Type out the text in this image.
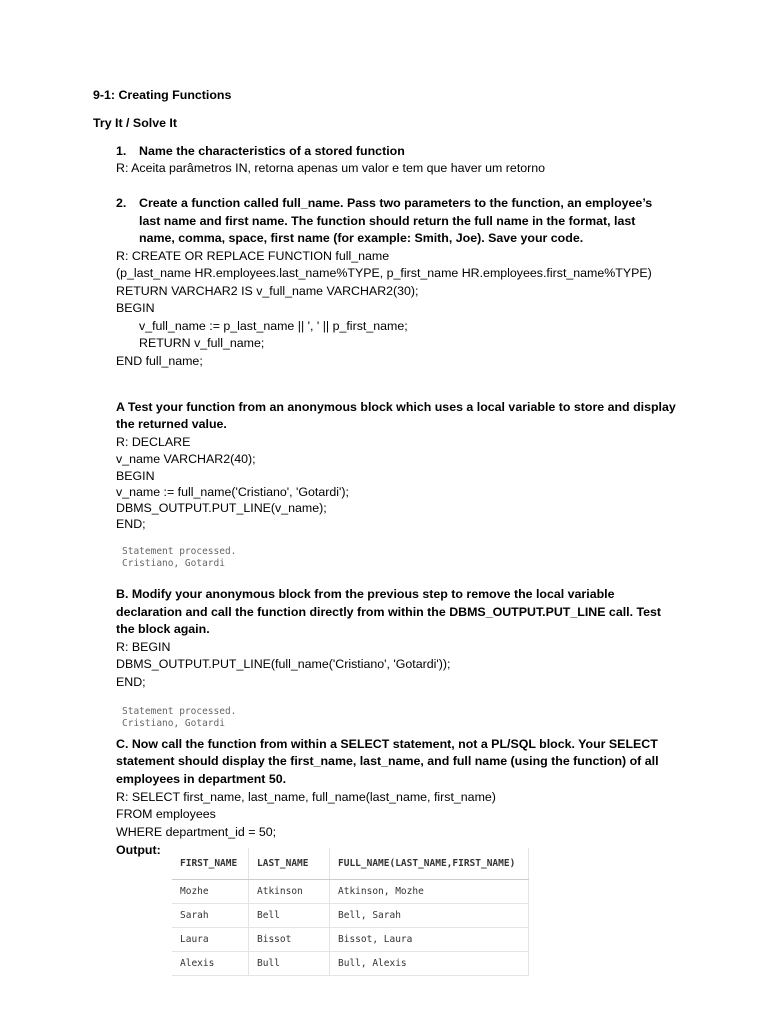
9-1: Creating Functions
Try It / Solve It
1. Name the characteristics of a stored function
R: Aceita parâmetros IN, retorna apenas um valor e tem que haver um retorno
2. Create a function called full_name. Pass two parameters to the function, an employee’s
last name and first name. The function should return the full name in the format, last
name, comma, space, first name (for example: Smith, Joe). Save your code.
R: CREATE OR REPLACE FUNCTION full_name
(p_last_name HR.employees.last_name%TYPE, p_first_name HR.employees.first_name%TYPE)
RETURN VARCHAR2 IS v_full_name VARCHAR2(30);
BEGIN
v_full_name := p_last_name || ', ' || p_first_name;
RETURN v_full_name;
END full_name;
A Test your function from an anonymous block which uses a local variable to store and display
the returned value.
R: DECLARE
v_name VARCHAR2(40);
BEGIN
v_name := full_name('Cristiano', 'Gotardi');
DBMS_OUTPUT.PUT_LINE(v_name);
END;
Statement processed.
Cristiano, Gotardi
B. Modify your anonymous block from the previous step to remove the local variable
declaration and call the function directly from within the DBMS_OUTPUT.PUT_LINE call. Test
the block again.
R: BEGIN
DBMS_OUTPUT.PUT_LINE(full_name('Cristiano', 'Gotardi'));
END;
Statement processed.
Cristiano, Gotardi
C. Now call the function from within a SELECT statement, not a PL/SQL block. Your SELECT
statement should display the first_name, last_name, and full name (using the function) of all
employees in department 50.
R: SELECT first_name, last_name, full_name(last_name, first_name)
FROM employees
WHERE department_id = 50;
Output:
FIRST_NAME	LAST_NAME	FULL_NAME(LAST_NAME,FIRST_NAME)
Mozhe	Atkinson	Atkinson, Mozhe
Sarah	Bell	Bell, Sarah
Laura	Bissot	Bissot, Laura
Alexis	Bull	Bull, Alexis
